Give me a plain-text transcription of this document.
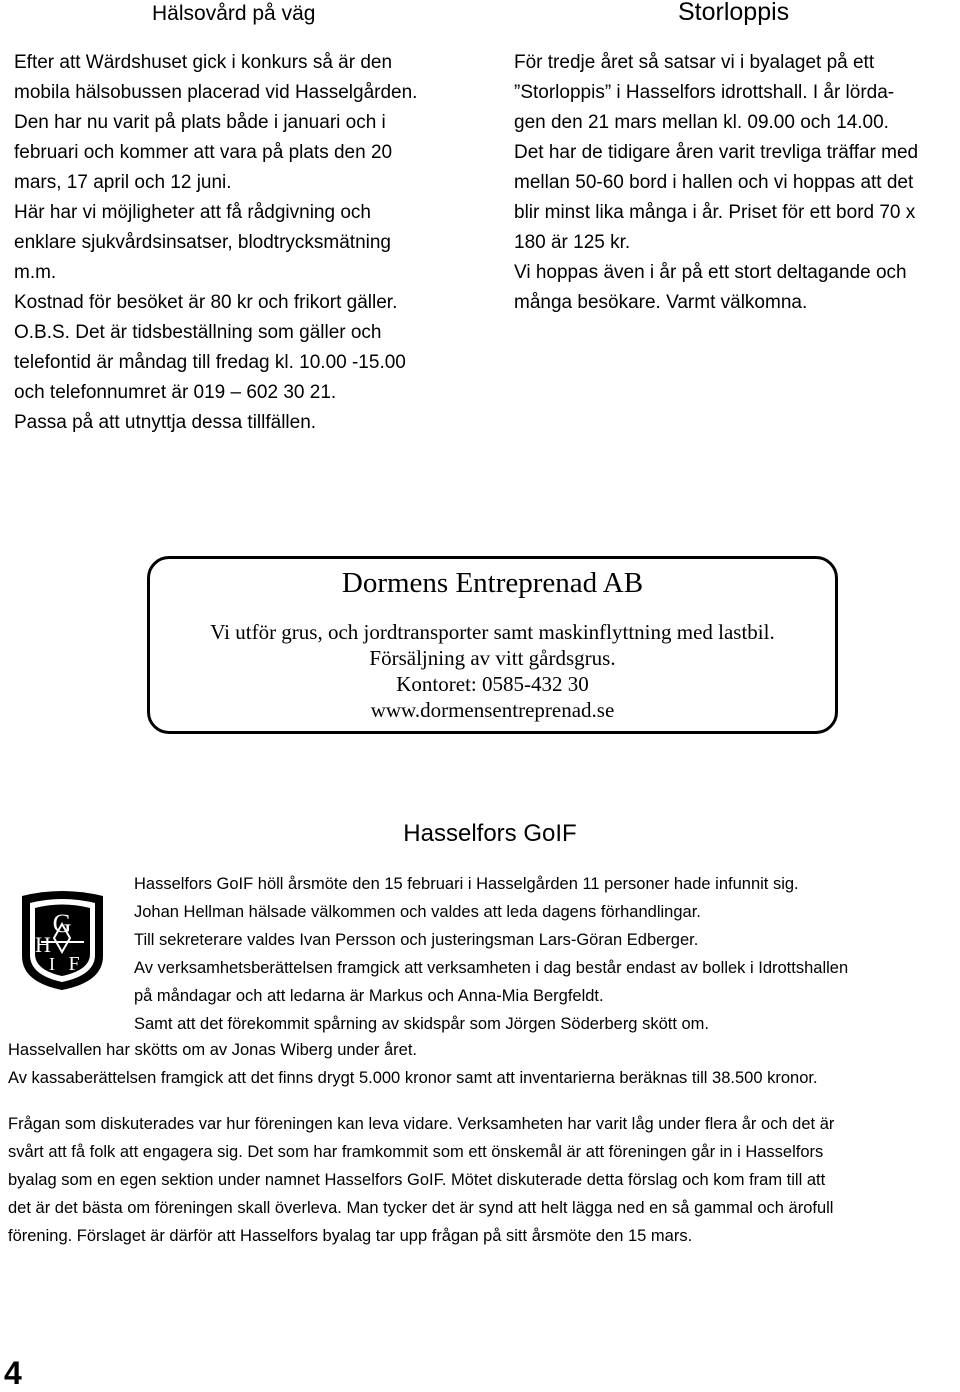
Hälsovård på väg
Efter att Wärdshuset gick i konkurs så är den
mobila hälsobussen placerad vid Hasselgården.
Den har nu varit på plats både i januari och i
februari och kommer att vara på plats den 20
mars, 17 april och 12 juni.
Här har vi möjligheter att få rådgivning och
enklare sjukvårdsinsatser, blodtrycksmätning
m.m.
Kostnad för besöket är 80 kr och frikort gäller.
O.B.S. Det är tidsbeställning som gäller och
telefontid är måndag till fredag kl. 10.00 -15.00
och telefonnumret är 019 – 602 30 21.
Passa på att utnyttja dessa tillfällen.
Storloppis
För tredje året så satsar vi i byalaget på ett
”Storloppis” i Hasselfors idrottshall. I år lörda-
gen den 21 mars mellan kl. 09.00 och 14.00.
Det har de tidigare åren varit trevliga träffar med
mellan 50-60 bord i hallen och vi hoppas att det
blir minst lika många i år. Priset för ett bord 70 x
180 är 125 kr.
Vi hoppas även i år på ett stort deltagande och
många besökare. Varmt välkomna.
Dormens Entreprenad AB
Vi utför grus, och jordtransporter samt maskinflyttning med lastbil.
Försäljning av vitt gårdsgrus.
Kontoret: 0585-432 30
www.dormensentreprenad.se
Hasselfors GoIF
G
H
I F
Hasselfors GoIF höll årsmöte den 15 februari i Hasselgården 11 personer hade infunnit sig.
Johan Hellman hälsade välkommen och valdes att leda dagens förhandlingar.
Till sekreterare valdes Ivan Persson och justeringsman Lars-Göran Edberger.
Av verksamhetsberättelsen framgick att verksamheten i dag består endast av bollek i Idrottshallen
på måndagar och att ledarna är Markus och Anna-Mia Bergfeldt.
Samt att det förekommit spårning av skidspår som Jörgen Söderberg skött om.
Hasselvallen har skötts om av Jonas Wiberg under året.
Av kassaberättelsen framgick att det finns drygt 5.000 kronor samt att inventarierna beräknas till 38.500 kronor.
Frågan som diskuterades var hur föreningen kan leva vidare. Verksamheten har varit låg under flera år och det är
svårt att få folk att engagera sig. Det som har framkommit som ett önskemål är att föreningen går in i Hasselfors
byalag som en egen sektion under namnet Hasselfors GoIF. Mötet diskuterade detta förslag och kom fram till att
det är det bästa om föreningen skall överleva. Man tycker det är synd att helt lägga ned en så gammal och ärofull
förening. Förslaget är därför att Hasselfors byalag tar upp frågan på sitt årsmöte den 15 mars.
4
